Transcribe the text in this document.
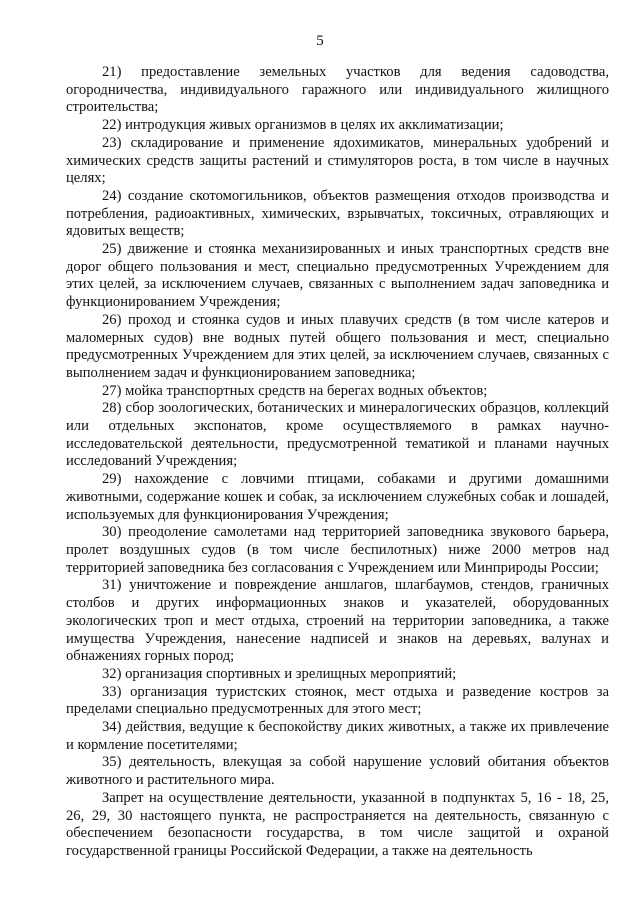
5

21) предоставление земельных участков для ведения садоводства, огородничества, индивидуального гаражного или индивидуального жилищного строительства;

22) интродукция живых организмов в целях их акклиматизации;

23) складирование и применение ядохимикатов, минеральных удобрений и химических средств защиты растений и стимуляторов роста, в том числе в научных целях;

24) создание скотомогильников, объектов размещения отходов производства и потребления, радиоактивных, химических, взрывчатых, токсичных, отравляющих и ядовитых веществ;

25) движение и стоянка механизированных и иных транспортных средств вне дорог общего пользования и мест, специально предусмотренных Учреждением для этих целей, за исключением случаев, связанных с выполнением задач заповедника и функционированием Учреждения;

26) проход и стоянка судов и иных плавучих средств (в том числе катеров и маломерных судов) вне водных путей общего пользования и мест, специально предусмотренных Учреждением для этих целей, за исключением случаев, связанных с выполнением задач и функционированием заповедника;

27) мойка транспортных средств на берегах водных объектов;

28) сбор зоологических, ботанических и минералогических образцов, коллекций или отдельных экспонатов, кроме осуществляемого в рамках научно-исследовательской деятельности, предусмотренной тематикой и планами научных исследований Учреждения;

29) нахождение с ловчими птицами, собаками и другими домашними животными, содержание кошек и собак, за исключением служебных собак и лошадей, используемых для функционирования Учреждения;

30) преодоление самолетами над территорией заповедника звукового барьера, пролет воздушных судов (в том числе беспилотных) ниже 2000 метров над территорией заповедника без согласования с Учреждением или Минприроды России;

31) уничтожение и повреждение аншлагов, шлагбаумов, стендов, граничных столбов и других информационных знаков и указателей, оборудованных экологических троп и мест отдыха, строений на территории заповедника, а также имущества Учреждения, нанесение надписей и знаков на деревьях, валунах и обнажениях горных пород;

32) организация спортивных и зрелищных мероприятий;

33) организация туристских стоянок, мест отдыха и разведение костров за пределами специально предусмотренных для этого мест;

34) действия, ведущие к беспокойству диких животных, а также их привлечение и кормление посетителями;

35) деятельность, влекущая за собой нарушение условий обитания объектов животного и растительного мира.

Запрет на осуществление деятельности, указанной в подпунктах 5, 16 - 18, 25, 26, 29, 30 настоящего пункта, не распространяется на деятельность, связанную с обеспечением безопасности государства, в том числе защитой и охраной государственной границы Российской Федерации, а также на деятельность
